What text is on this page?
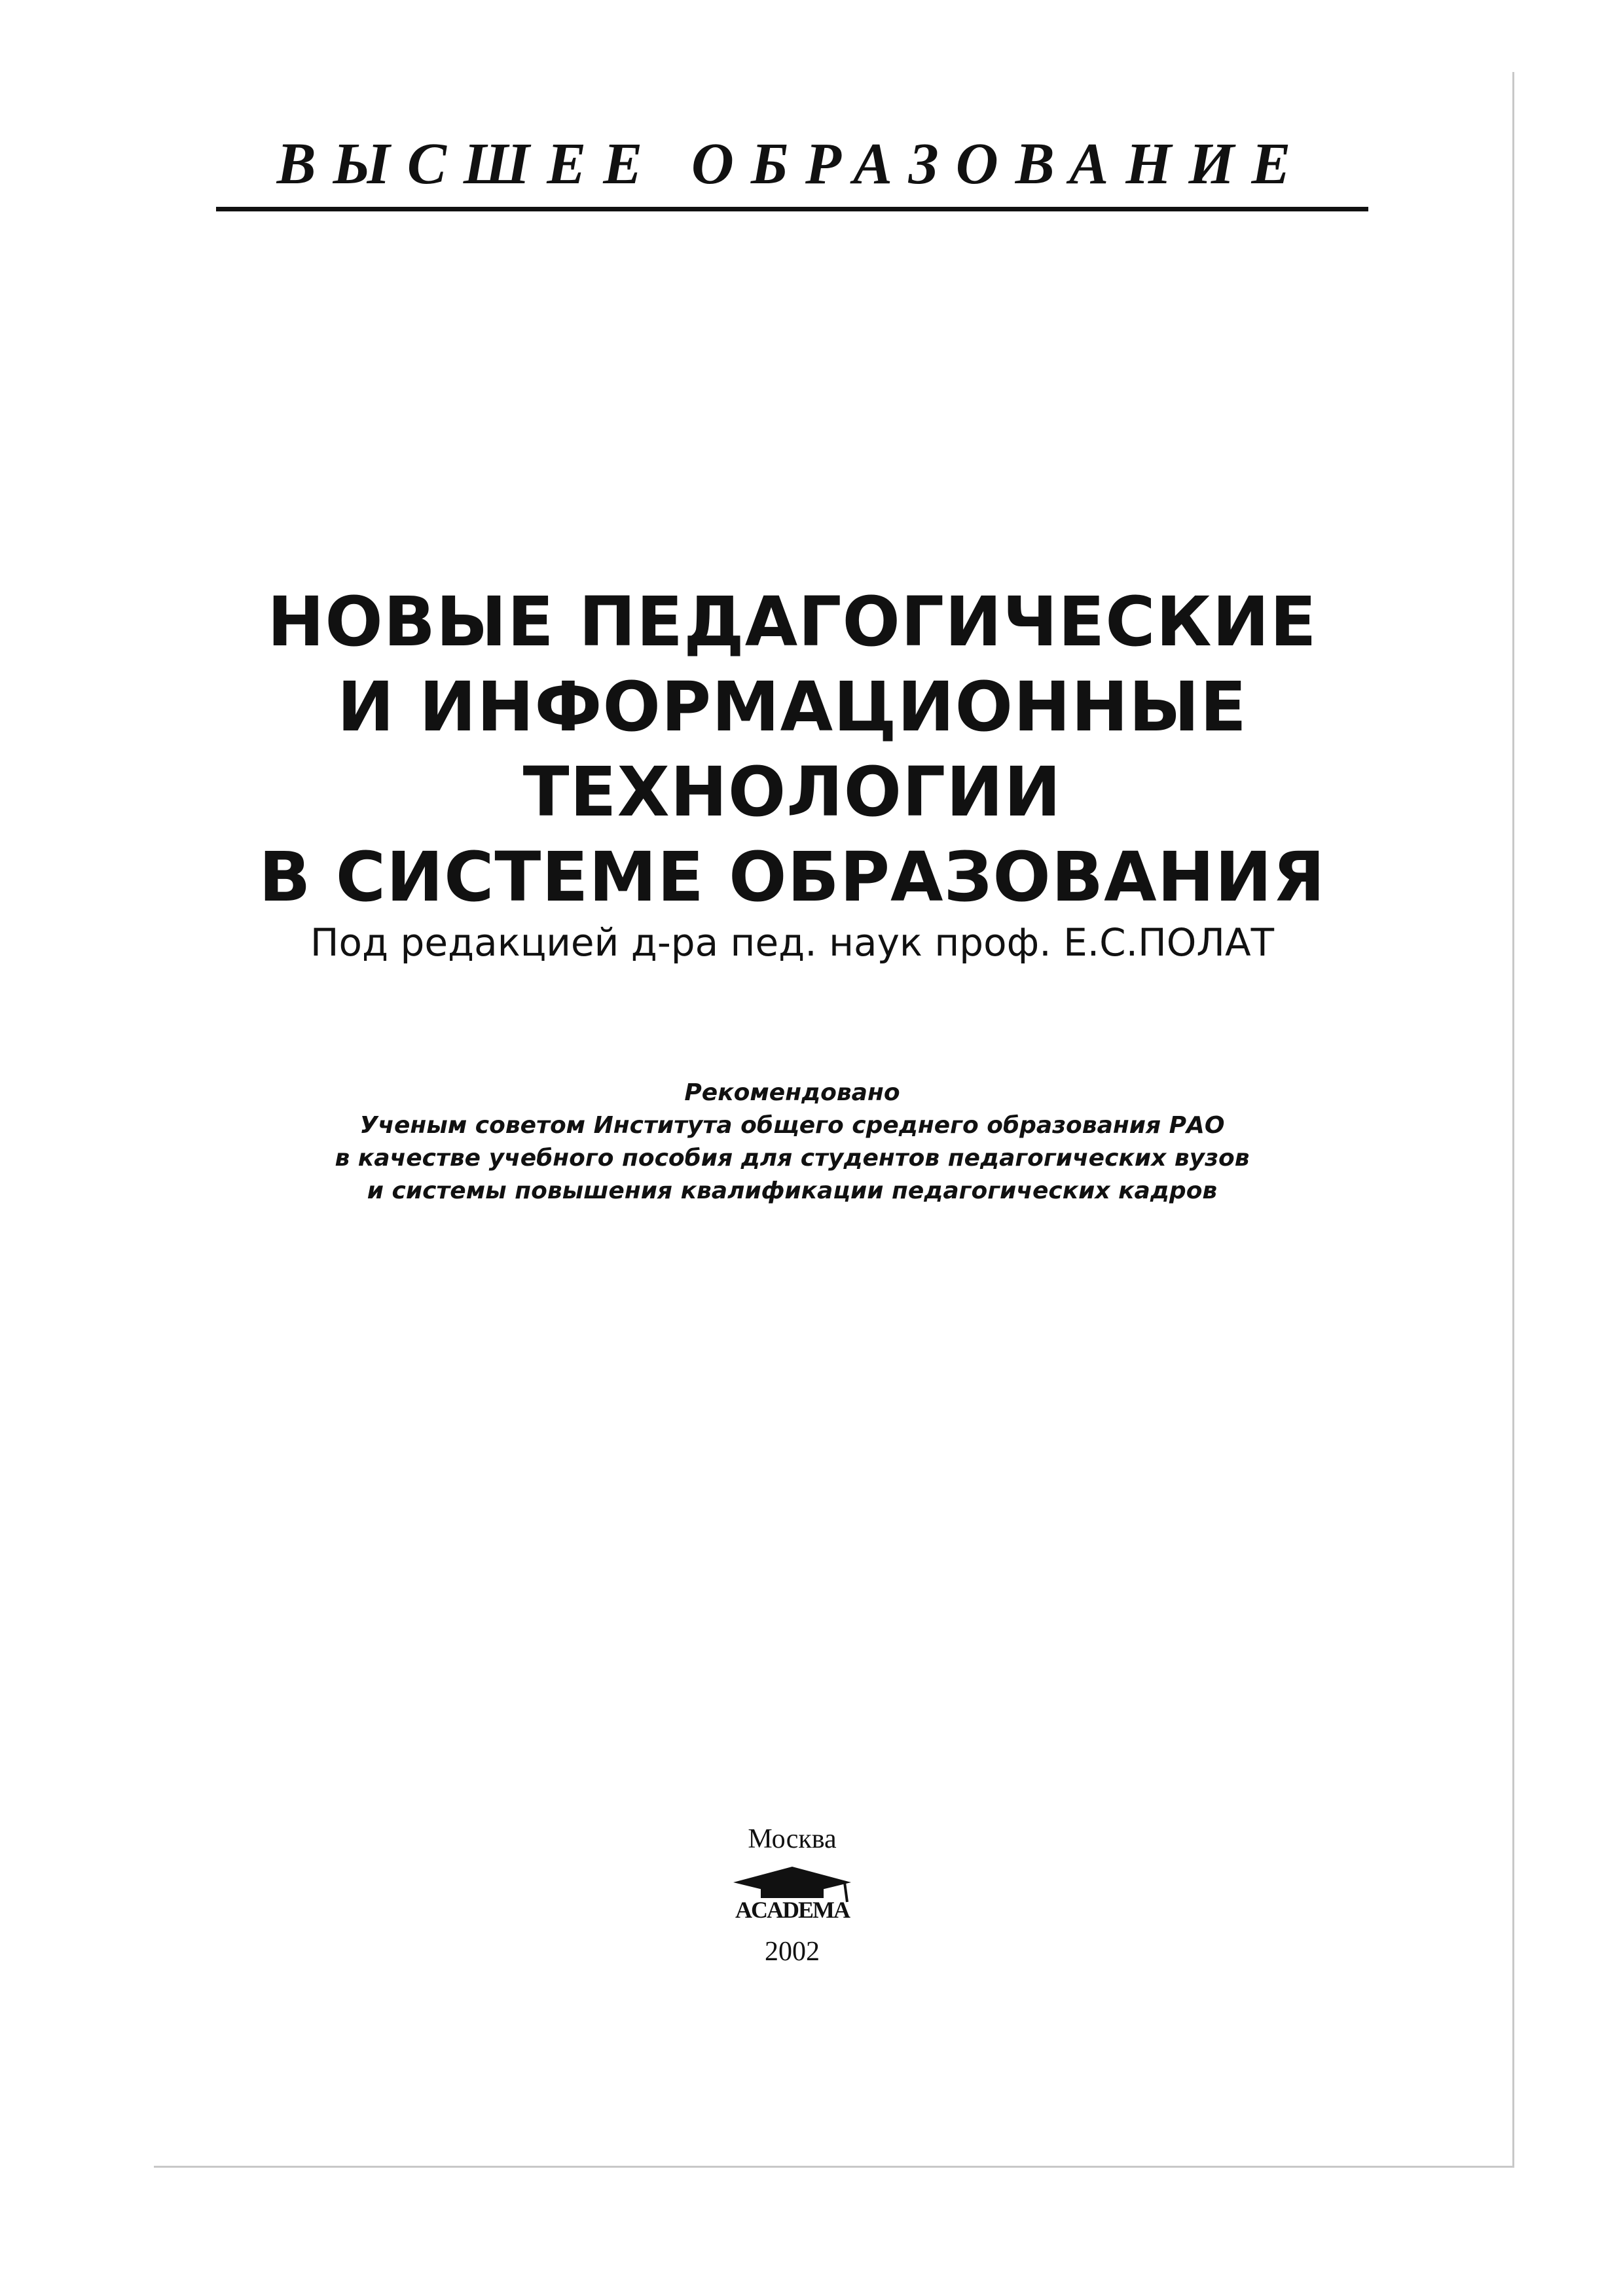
ВЫСШЕЕ ОБРАЗОВАНИЕ
НОВЫЕ ПЕДАГОГИЧЕСКИЕ
И ИНФОРМАЦИОННЫЕ ТЕХНОЛОГИИ
В СИСТЕМЕ ОБРАЗОВАНИЯ
Под редакцией д-ра пед. наук проф. Е.С.ПОЛАТ
Рекомендовано
Ученым советом Института общего среднего образования РАО
в качестве учебного пособия для студентов педагогических вузов
и системы повышения квалификации педагогических кадров
Москва
ACADEMA
2002
